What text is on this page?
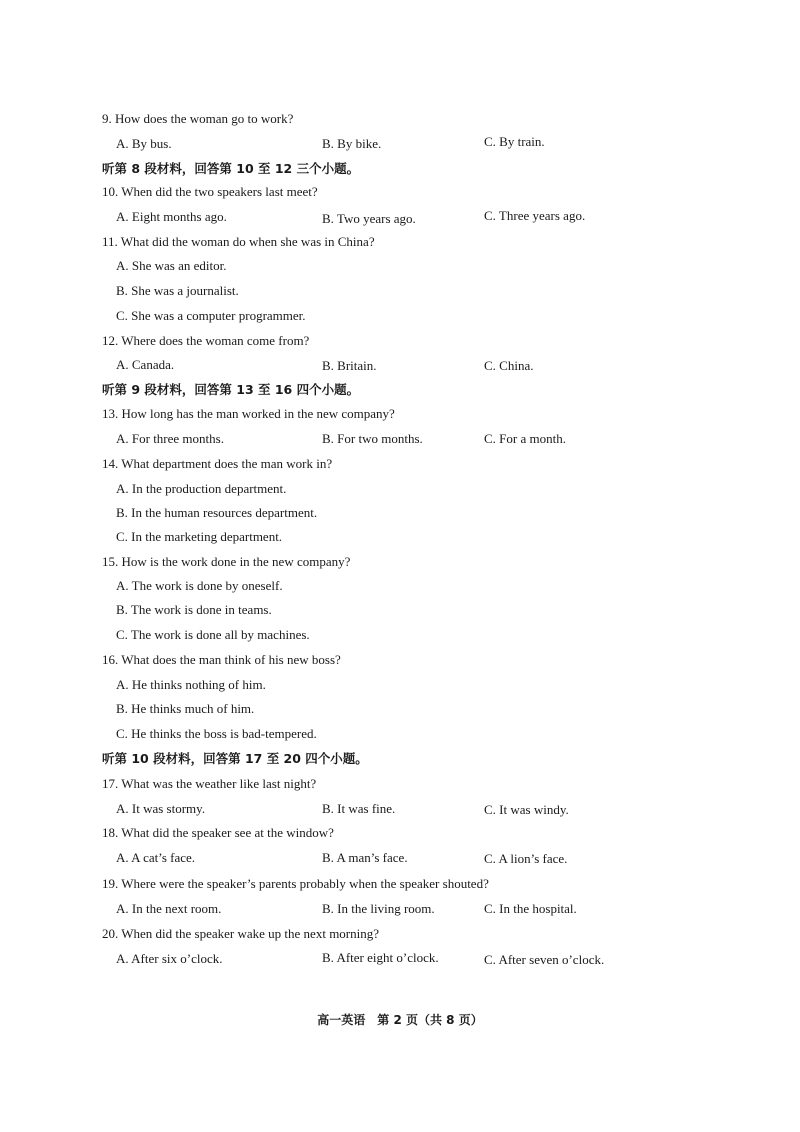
9. How does the woman go to work?
A. By bus.	B. By bike.	C. By train.
听第 8 段材料，回答第 10 至 12 三个小题。
10. When did the two speakers last meet?
A. Eight months ago.	B. Two years ago.	C. Three years ago.
11. What did the woman do when she was in China?
A. She was an editor.
B. She was a journalist.
C. She was a computer programmer.
12. Where does the woman come from?
A. Canada.	B. Britain.	C. China.
听第 9 段材料，回答第 13 至 16 四个小题。
13. How long has the man worked in the new company?
A. For three months.	B. For two months.	C. For a month.
14. What department does the man work in?
A. In the production department.
B. In the human resources department.
C. In the marketing department.
15. How is the work done in the new company?
A. The work is done by oneself.
B. The work is done in teams.
C. The work is done all by machines.
16. What does the man think of his new boss?
A. He thinks nothing of him.
B. He thinks much of him.
C. He thinks the boss is bad-tempered.
听第 10 段材料，回答第 17 至 20 四个小题。
17. What was the weather like last night?
A. It was stormy.	B. It was fine.	C. It was windy.
18. What did the speaker see at the window?
A. A cat’s face.	B. A man’s face.	C. A lion’s face.
19. Where were the speaker’s parents probably when the speaker shouted?
A. In the next room.	B. In the living room.	C. In the hospital.
20. When did the speaker wake up the next morning?
A. After six o’clock.	B. After eight o’clock.	C. After seven o’clock.
高一英语　第 2 页（共 8 页）
